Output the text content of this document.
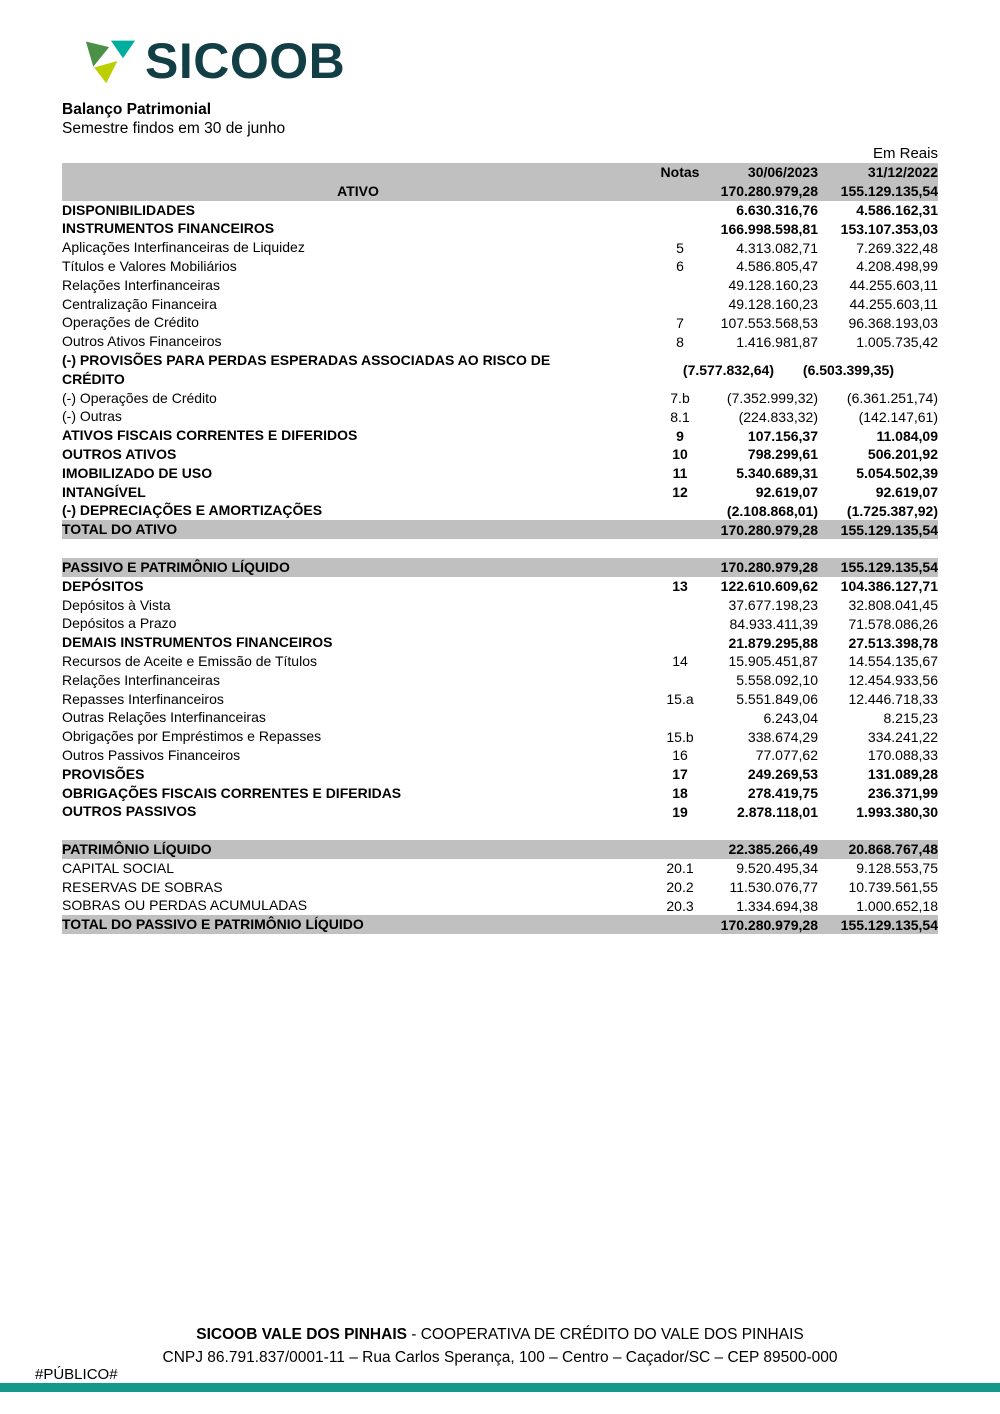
SICOOB
Balanço Patrimonial
Semestre findos em 30 de junho
Em Reais
Notas	30/06/2023	31/12/2022
ATIVO	170.280.979,28	155.129.135,54
DISPONIBILIDADES	6.630.316,76	4.586.162,31
INSTRUMENTOS FINANCEIROS	166.998.598,81	153.107.353,03
Aplicações Interfinanceiras de Liquidez	5	4.313.082,71	7.269.322,48
Títulos e Valores Mobiliários	6	4.586.805,47	4.208.498,99
Relações Interfinanceiras	49.128.160,23	44.255.603,11
Centralização Financeira	49.128.160,23	44.255.603,11
Operações de Crédito	7	107.553.568,53	96.368.193,03
Outros Ativos Financeiros	8	1.416.981,87	1.005.735,42
(-) PROVISÕES PARA PERDAS ESPERADAS ASSOCIADAS AO RISCO DE CRÉDITO
(7.577.832,64)	(6.503.399,35)
(-) Operações de Crédito	7.b	(7.352.999,32)	(6.361.251,74)
(-) Outras	8.1	(224.833,32)	(142.147,61)
ATIVOS FISCAIS CORRENTES E DIFERIDOS	9	107.156,37	11.084,09
OUTROS ATIVOS	10	798.299,61	506.201,92
IMOBILIZADO DE USO	11	5.340.689,31	5.054.502,39
INTANGÍVEL	12	92.619,07	92.619,07
(-) DEPRECIAÇÕES E AMORTIZAÇÕES	(2.108.868,01)	(1.725.387,92)
TOTAL DO ATIVO	170.280.979,28	155.129.135,54
PASSIVO E PATRIMÔNIO LÍQUIDO	170.280.979,28	155.129.135,54
DEPÓSITOS	13	122.610.609,62	104.386.127,71
Depósitos à Vista	37.677.198,23	32.808.041,45
Depósitos a Prazo	84.933.411,39	71.578.086,26
DEMAIS INSTRUMENTOS FINANCEIROS	21.879.295,88	27.513.398,78
Recursos de Aceite e Emissão de Títulos	14	15.905.451,87	14.554.135,67
Relações Interfinanceiras	5.558.092,10	12.454.933,56
Repasses Interfinanceiros	15.a	5.551.849,06	12.446.718,33
Outras Relações Interfinanceiras	6.243,04	8.215,23
Obrigações por Empréstimos e Repasses	15.b	338.674,29	334.241,22
Outros Passivos Financeiros	16	77.077,62	170.088,33
PROVISÕES	17	249.269,53	131.089,28
OBRIGAÇÕES FISCAIS CORRENTES E DIFERIDAS	18	278.419,75	236.371,99
OUTROS PASSIVOS	19	2.878.118,01	1.993.380,30
PATRIMÔNIO LÍQUIDO	22.385.266,49	20.868.767,48
CAPITAL SOCIAL	20.1	9.520.495,34	9.128.553,75
RESERVAS DE SOBRAS	20.2	11.530.076,77	10.739.561,55
SOBRAS OU PERDAS ACUMULADAS	20.3	1.334.694,38	1.000.652,18
TOTAL DO PASSIVO E PATRIMÔNIO LÍQUIDO	170.280.979,28	155.129.135,54
SICOOB VALE DOS PINHAIS - COOPERATIVA DE CRÉDITO DO VALE DOS PINHAIS
CNPJ 86.791.837/0001-11 – Rua Carlos Sperança, 100 – Centro – Caçador/SC – CEP 89500-000
#PÚBLICO#
